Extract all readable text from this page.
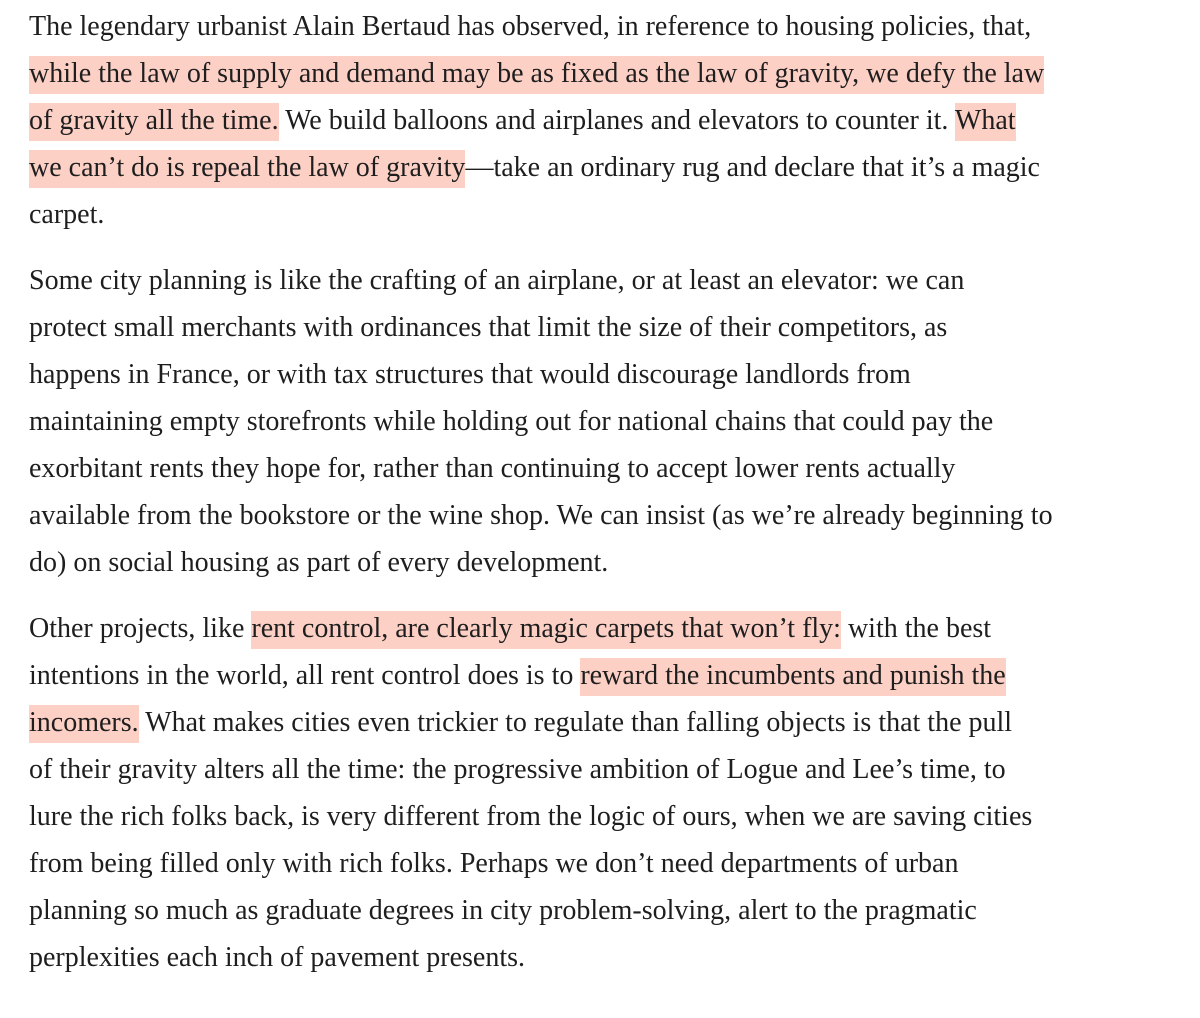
The legendary urbanist Alain Bertaud has observed, in reference to housing policies, that,
while the law of supply and demand may be as fixed as the law of gravity, we defy the law
of gravity all the time. We build balloons and airplanes and elevators to counter it. What
we can’t do is repeal the law of gravity—take an ordinary rug and declare that it’s a magic
carpet.

Some city planning is like the crafting of an airplane, or at least an elevator: we can
protect small merchants with ordinances that limit the size of their competitors, as
happens in France, or with tax structures that would discourage landlords from
maintaining empty storefronts while holding out for national chains that could pay the
exorbitant rents they hope for, rather than continuing to accept lower rents actually
available from the bookstore or the wine shop. We can insist (as we’re already beginning to
do) on social housing as part of every development.

Other projects, like rent control, are clearly magic carpets that won’t fly: with the best
intentions in the world, all rent control does is to reward the incumbents and punish the
incomers. What makes cities even trickier to regulate than falling objects is that the pull
of their gravity alters all the time: the progressive ambition of Logue and Lee’s time, to
lure the rich folks back, is very different from the logic of ours, when we are saving cities
from being filled only with rich folks. Perhaps we don’t need departments of urban
planning so much as graduate degrees in city problem-solving, alert to the pragmatic
perplexities each inch of pavement presents.
